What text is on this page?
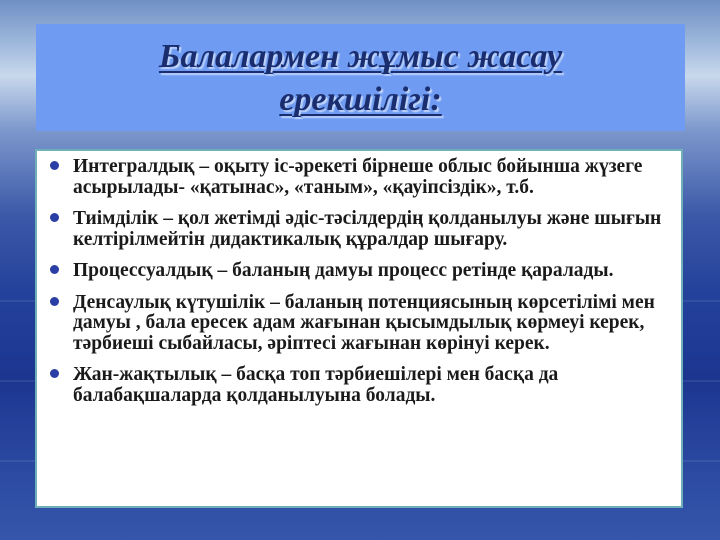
Балалармен жұмыс жасау ерекшілігі:
Интегралдық – оқыту іс-әрекеті бірнеше облыс бойынша жүзеге асырылады- «қатынас», «таным», «қауіпсіздік», т.б.
Тиімділік – қол жетімді әдіс-тәсілдердің қолданылуы және шығын келтірілмейтін дидактикалық құралдар шығару.
Процессуалдық – баланың дамуы процесс ретінде қаралады.
Денсаулық күтушілік – баланың потенциясының көрсетілімі мен дамуы , бала ересек адам жағынан қысымдылық көрмеуі керек, тәрбиеші сыбайласы, әріптесі жағынан көрінуі керек.
Жан-жақтылық – басқа топ тәрбиешілері мен басқа да балабақшаларда қолданылуына болады.
